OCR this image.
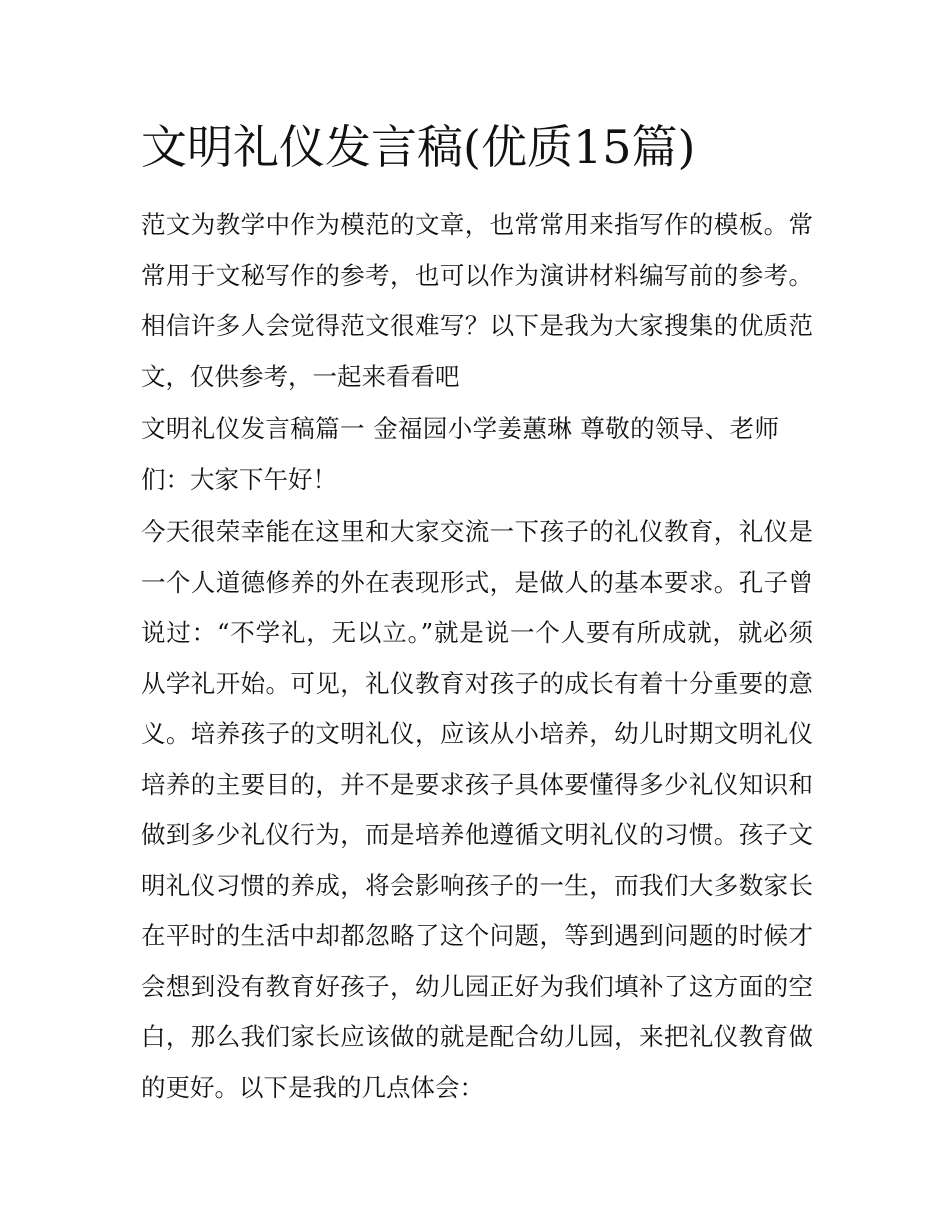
文明礼仪发言稿(优质15篇)

范文为教学中作为模范的文章，也常常用来指写作的模板。常常用于文秘写作的参考，也可以作为演讲材料编写前的参考。相信许多人会觉得范文很难写？以下是我为大家搜集的优质范文，仅供参考，一起来看看吧

文明礼仪发言稿篇一 金福园小学姜蕙琳 尊敬的领导、老师们：大家下午好！

今天很荣幸能在这里和大家交流一下孩子的礼仪教育，礼仪是一个人道德修养的外在表现形式，是做人的基本要求。孔子曾说过：“不学礼，无以立。”就是说一个人要有所成就，就必须从学礼开始。可见，礼仪教育对孩子的成长有着十分重要的意义。培养孩子的文明礼仪，应该从小培养，幼儿时期文明礼仪培养的主要目的，并不是要求孩子具体要懂得多少礼仪知识和做到多少礼仪行为，而是培养他遵循文明礼仪的习惯。孩子文明礼仪习惯的养成，将会影响孩子的一生，而我们大多数家长在平时的生活中却都忽略了这个问题，等到遇到问题的时候才会想到没有教育好孩子，幼儿园正好为我们填补了这方面的空白，那么我们家长应该做的就是配合幼儿园，来把礼仪教育做的更好。以下是我的几点体会：
